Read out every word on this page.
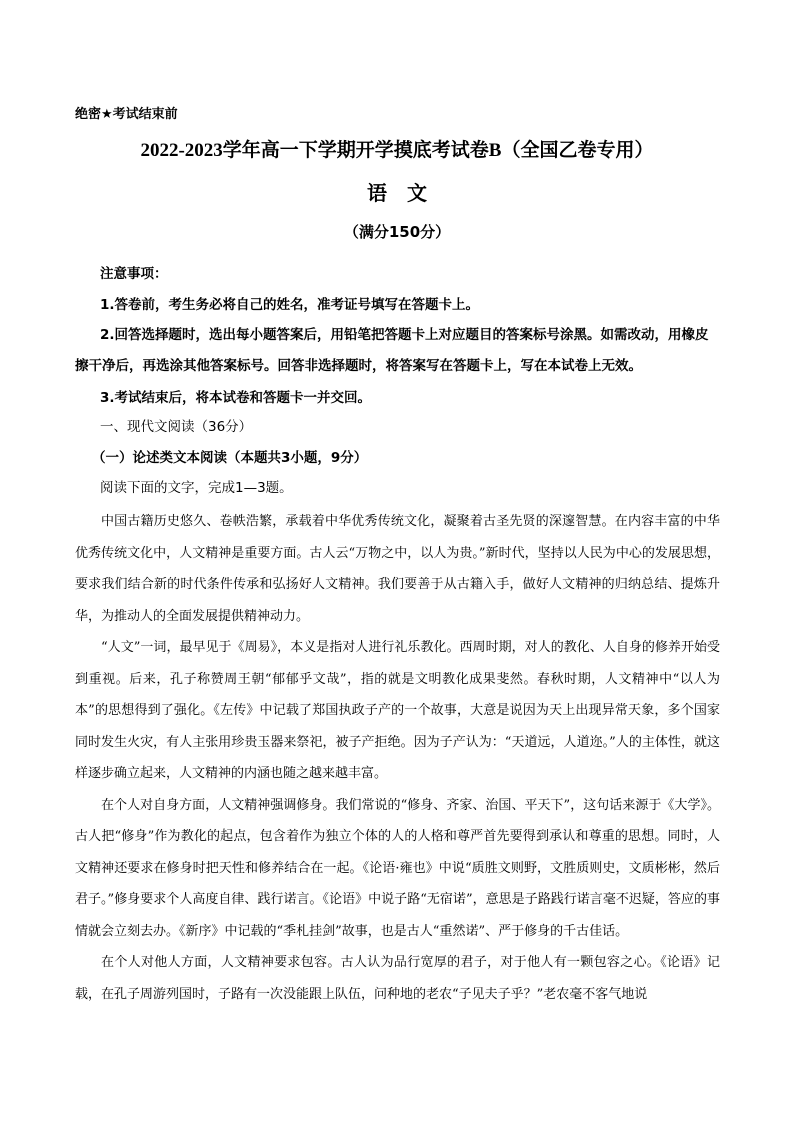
绝密★考试结束前
2022-2023学年高一下学期开学摸底考试卷B（全国乙卷专用）
语文
（满分150分）
注意事项：
1.答卷前，考生务必将自己的姓名，准考证号填写在答题卡上。
2.回答选择题时，选出每小题答案后，用铅笔把答题卡上对应题目的答案标号涂黑。如需改动，用橡皮擦干净后，再选涂其他答案标号。回答非选择题时，将答案写在答题卡上，写在本试卷上无效。
3.考试结束后，将本试卷和答题卡一并交回。
一、现代文阅读（36分）
（一）论述类文本阅读（本题共3小题，9分）
阅读下面的文字，完成1—3题。

中国古籍历史悠久、卷帙浩繁，承载着中华优秀传统文化，凝聚着古圣先贤的深邃智慧。在内容丰富的中华优秀传统文化中，人文精神是重要方面。古人云“万物之中，以人为贵。”新时代，坚持以人民为中心的发展思想，要求我们结合新的时代条件传承和弘扬好人文精神。我们要善于从古籍入手，做好人文精神的归纳总结、提炼升华，为推动人的全面发展提供精神动力。

“人文”一词，最早见于《周易》，本义是指对人进行礼乐教化。西周时期，对人的教化、人自身的修养开始受到重视。后来，孔子称赞周王朝“郁郁乎文哉”，指的就是文明教化成果斐然。春秋时期，人文精神中“以人为本”的思想得到了强化。《左传》中记载了郑国执政子产的一个故事，大意是说因为天上出现异常天象，多个国家同时发生火灾，有人主张用珍贵玉器来祭祀，被子产拒绝。因为子产认为：“天道远，人道迩。”人的主体性，就这样逐步确立起来，人文精神的内涵也随之越来越丰富。

在个人对自身方面，人文精神强调修身。我们常说的“修身、齐家、治国、平天下”，这句话来源于《大学》。古人把“修身”作为教化的起点，包含着作为独立个体的人的人格和尊严首先要得到承认和尊重的思想。同时，人文精神还要求在修身时把天性和修养结合在一起。《论语·雍也》中说“质胜文则野，文胜质则史，文质彬彬，然后君子。”修身要求个人高度自律、践行诺言。《论语》中说子路“无宿诺”，意思是子路践行诺言毫不迟疑，答应的事情就会立刻去办。《新序》中记载的“季札挂剑”故事，也是古人“重然诺”、严于修身的千古佳话。

在个人对他人方面，人文精神要求包容。古人认为品行宽厚的君子，对于他人有一颗包容之心。《论语》记载，在孔子周游列国时，子路有一次没能跟上队伍，问种地的老农“子见夫子乎？”老农毫不客气地说
